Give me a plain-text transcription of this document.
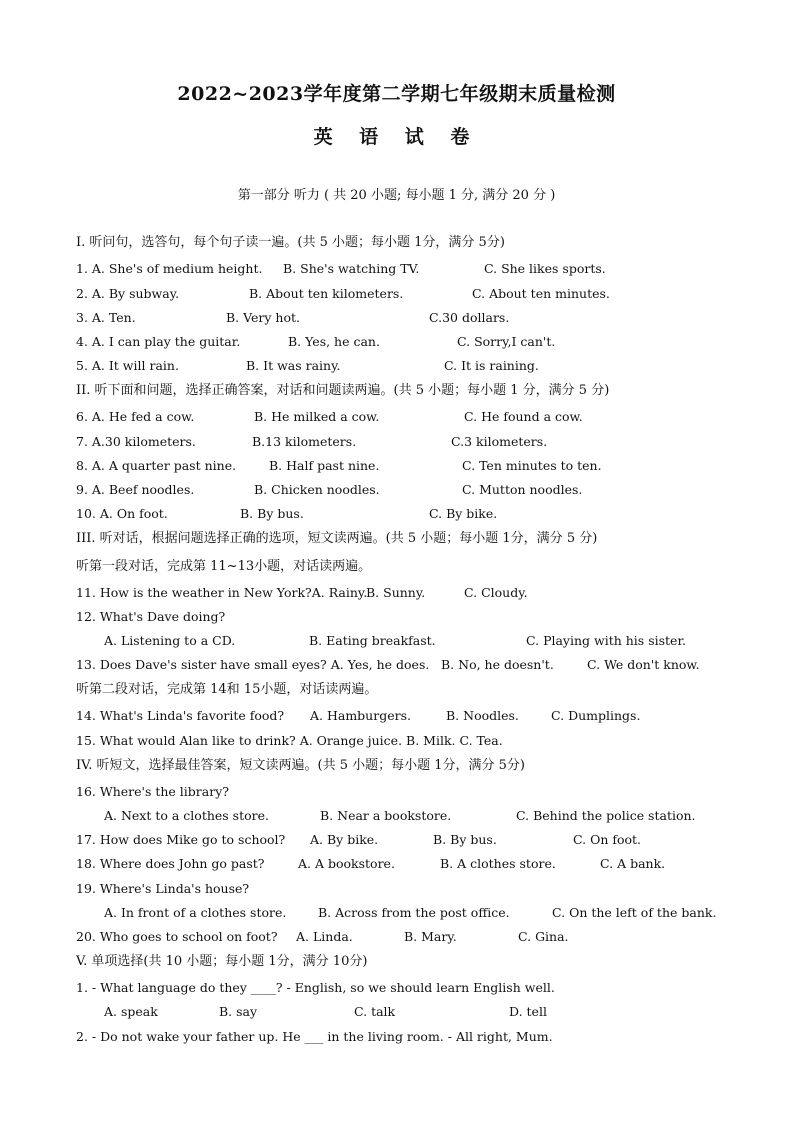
2022~2023学年度第二学期七年级期末质量检测
英 语 试 卷
第一部分 听力 ( 共 20 小题; 每小题 1 分, 满分 20 分 )
I. 听问句，选答句，每个句子读一遍。(共 5 小题；每小题 1分，满分 5分)
1. A. She's of medium height. B. She's watching TV.	C. She likes sports.
2. A. By subway.	B. About ten kilometers.	C. About ten minutes.
3. A. Ten.	B. Very hot.	C.30 dollars.
4. A. I can play the guitar.	B. Yes, he can.	C. Sorry,I can't.
5. A. It will rain.	B. It was rainy.	C. It is raining.
II. 听下面和问题，选择正确答案，对话和问题读两遍。(共 5 小题；每小题 1 分，满分 5 分)
6. A. He fed a cow.	B. He milked a cow.	C. He found a cow.
7. A.30 kilometers.	B.13 kilometers.	C.3 kilometers.
8. A. A quarter past nine.	B. Half past nine.	C. Ten minutes to ten.
9. A. Beef noodles.	B. Chicken noodles.	C. Mutton noodles.
10. A. On foot.	B. By bus.	C. By bike.
III. 听对话，根据问题选择正确的选项，短文读两遍。(共 5 小题；每小题 1分，满分 5 分)
听第一段对话，完成第 11~13小题，对话读两遍。
11. How is the weather in New York?A. Rainy.
B. Sunny.	C. Cloudy.
12. What's Dave doing?
A. Listening to a CD.	B. Eating breakfast.	C. Playing with his sister.
13. Does Dave's sister have small eyes? A. Yes, he does. B. No, he doesn't.	C. We don't know.
听第二段对话，完成第 14和 15小题，对话读两遍。
14. What's Linda's favorite food? A. Hamburgers.	B. Noodles.	C. Dumplings.
15. What would Alan like to drink? A. Orange juice. B. Milk. C. Tea.
IV. 听短文，选择最佳答案，短文读两遍。(共 5 小题；每小题 1分，满分 5分)
16. Where's the library?
A. Next to a clothes store.	B. Near a bookstore.	C. Behind the police station.
17. How does Mike go to school? A. By bike.	B. By bus.	C. On foot.
18. Where does John go past?	A. A bookstore.	B. A clothes store.	C. A bank.
19. Where's Linda's house?
A. In front of a clothes store.	B. Across from the post office.	C. On the left of the bank.
20. Who goes to school on foot? A. Linda.	B. Mary.	C. Gina.
V. 单项选择(共 10 小题；每小题 1分，满分 10分)
1. - What language do they ____? - English, so we should learn English well.
A. speak	B. say	C. talk	D. tell
2. - Do not wake your father up. He ___ in the living room. - All right, Mum.
